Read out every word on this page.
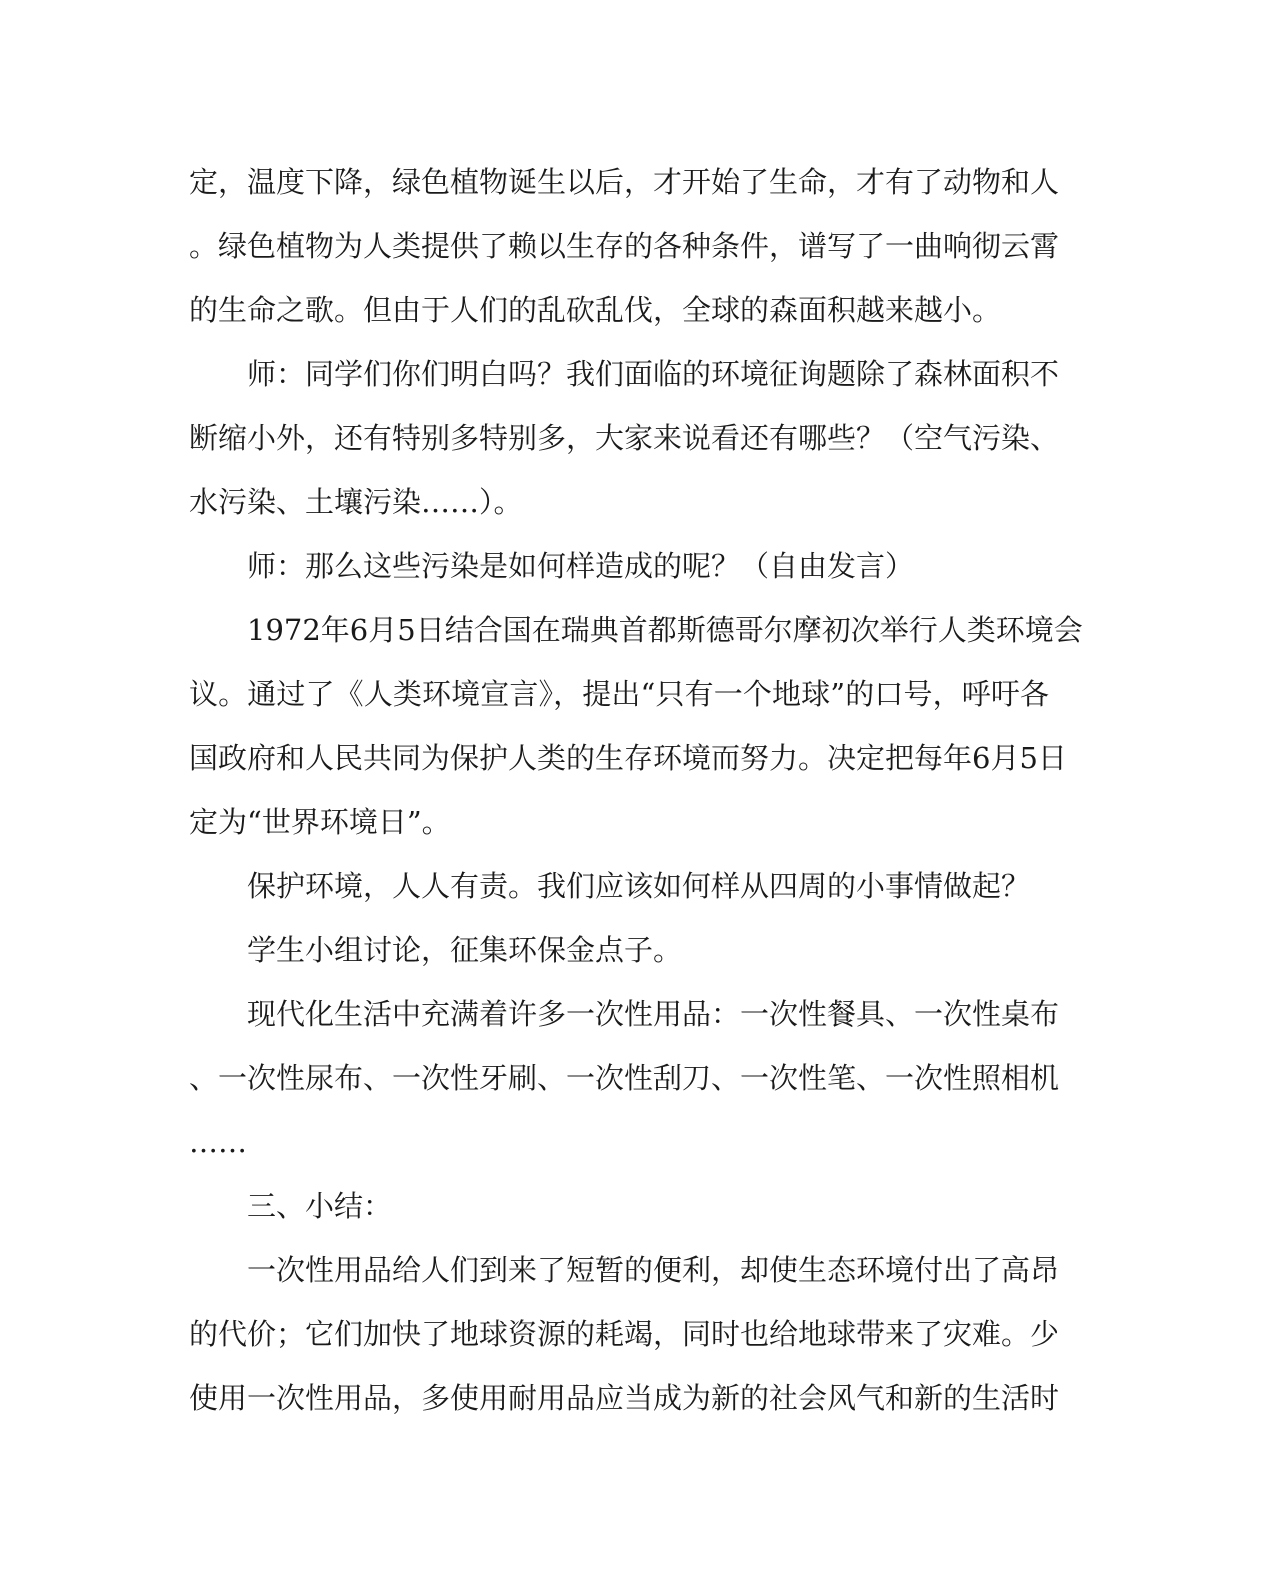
定，温度下降，绿色植物诞生以后，才开始了生命，才有了动物和人
。绿色植物为人类提供了赖以生存的各种条件，谱写了一曲响彻云霄
的生命之歌。但由于人们的乱砍乱伐，全球的森面积越来越小。
师：同学们你们明白吗？我们面临的环境征询题除了森林面积不
断缩小外，还有特别多特别多，大家来说看还有哪些？（空气污染、
水污染、土壤污染……）。
师：那么这些污染是如何样造成的呢？（自由发言）
1972年6月5日结合国在瑞典首都斯德哥尔摩初次举行人类环境会
议。通过了《人类环境宣言》，提出“只有一个地球”的口号，呼吁各
国政府和人民共同为保护人类的生存环境而努力。决定把每年6月5日
定为“世界环境日”。
保护环境，人人有责。我们应该如何样从四周的小事情做起？
学生小组讨论，征集环保金点子。
现代化生活中充满着许多一次性用品：一次性餐具、一次性桌布
、一次性尿布、一次性牙刷、一次性刮刀、一次性笔、一次性照相机
……
三、小结：
一次性用品给人们到来了短暂的便利，却使生态环境付出了高昂
的代价；它们加快了地球资源的耗竭，同时也给地球带来了灾难。少
使用一次性用品，多使用耐用品应当成为新的社会风气和新的生活时
